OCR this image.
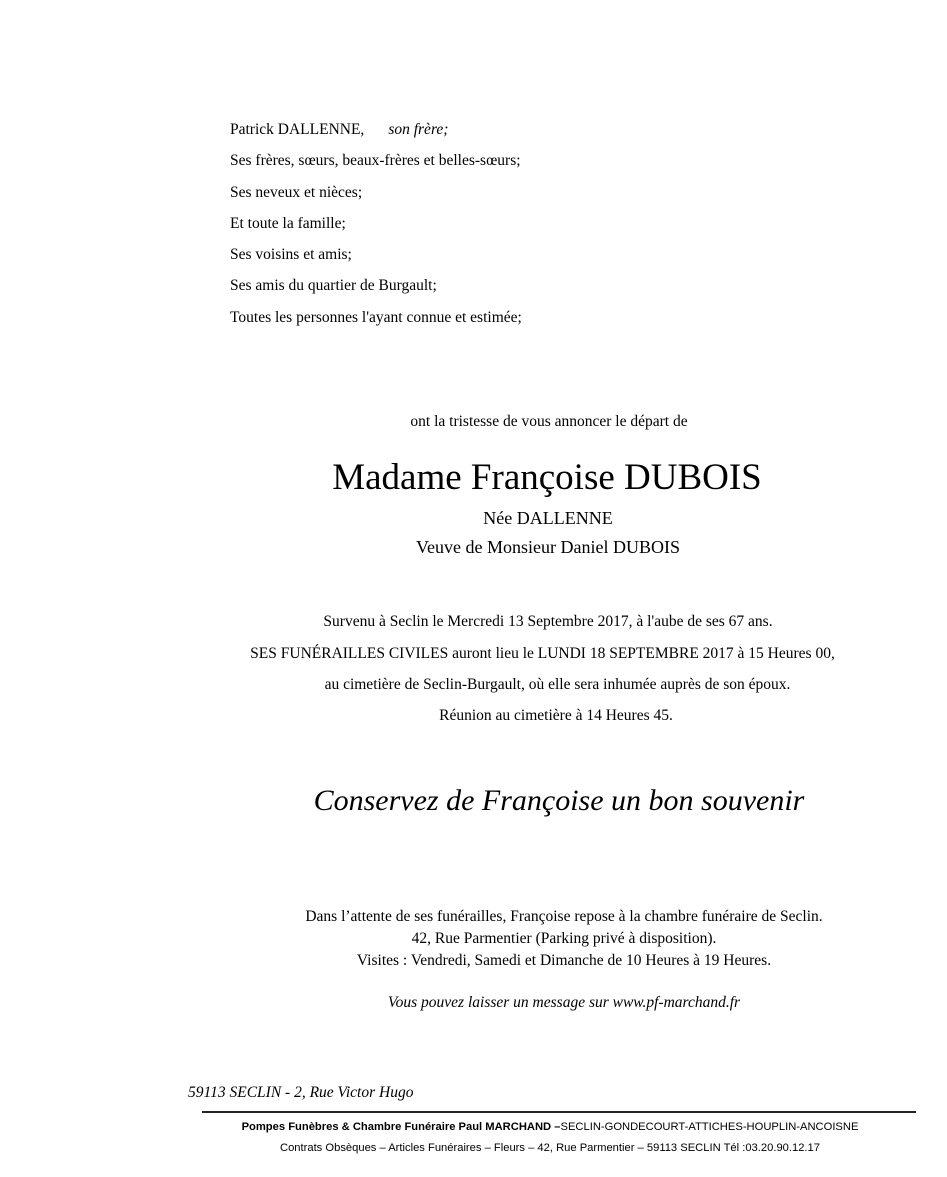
Patrick DALLENNE, son frère;
Ses frères, sœurs, beaux-frères et belles-sœurs;
Ses neveux et nièces;
Et toute la famille;
Ses voisins et amis;
Ses amis du quartier de Burgault;
Toutes les personnes l'ayant connue et estimée;
ont la tristesse de vous annoncer le départ de
Madame Françoise DUBOIS
Née DALLENNE
Veuve de Monsieur Daniel DUBOIS
Survenu à Seclin le Mercredi 13 Septembre 2017, à l'aube de ses 67 ans.
SES FUNÉRAILLES CIVILES auront lieu le LUNDI 18 SEPTEMBRE 2017 à 15 Heures 00,
au cimetière de Seclin-Burgault, où elle sera inhumée auprès de son époux.
Réunion au cimetière à 14 Heures 45.
Conservez de Françoise un bon souvenir
Dans l’attente de ses funérailles, Françoise repose à la chambre funéraire de Seclin.
42, Rue Parmentier (Parking privé à disposition).
Visites : Vendredi, Samedi et Dimanche de 10 Heures à 19 Heures.
Vous pouvez laisser un message sur www.pf-marchand.fr
59113 SECLIN - 2, Rue Victor Hugo
Pompes Funèbres & Chambre Funéraire Paul MARCHAND –SECLIN-GONDECOURT-ATTICHES-HOUPLIN-ANCOISNE
Contrats Obsèques – Articles Funéraires – Fleurs – 42, Rue Parmentier – 59113 SECLIN Tél :03.20.90.12.17
